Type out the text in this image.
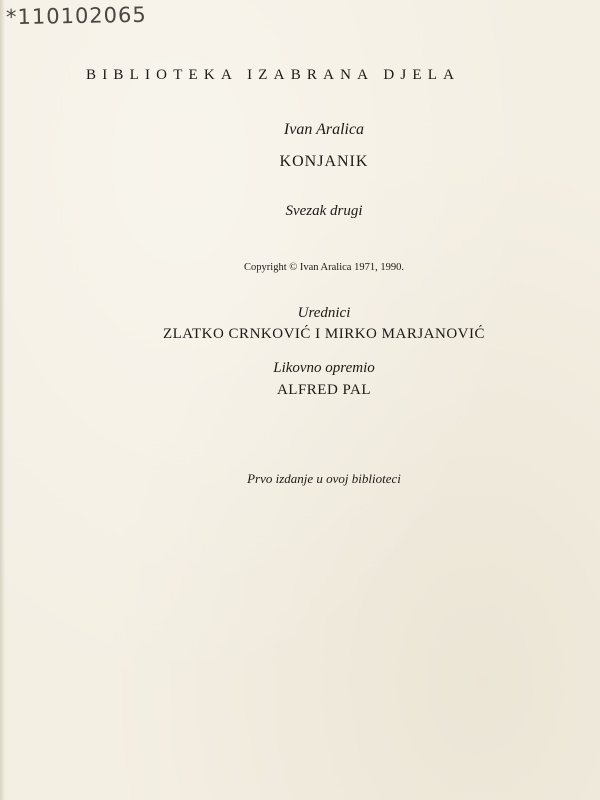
*110102065
BIBLIOTEKA IZABRANA DJELA
Ivan Aralica
KONJANIK
Svezak drugi
Copyright © Ivan Aralica 1971, 1990.
Urednici
ZLATKO CRNKOVIĆ I MIRKO MARJANOVIĆ
Likovno opremio
ALFRED PAL
Prvo izdanje u ovoj biblioteci
